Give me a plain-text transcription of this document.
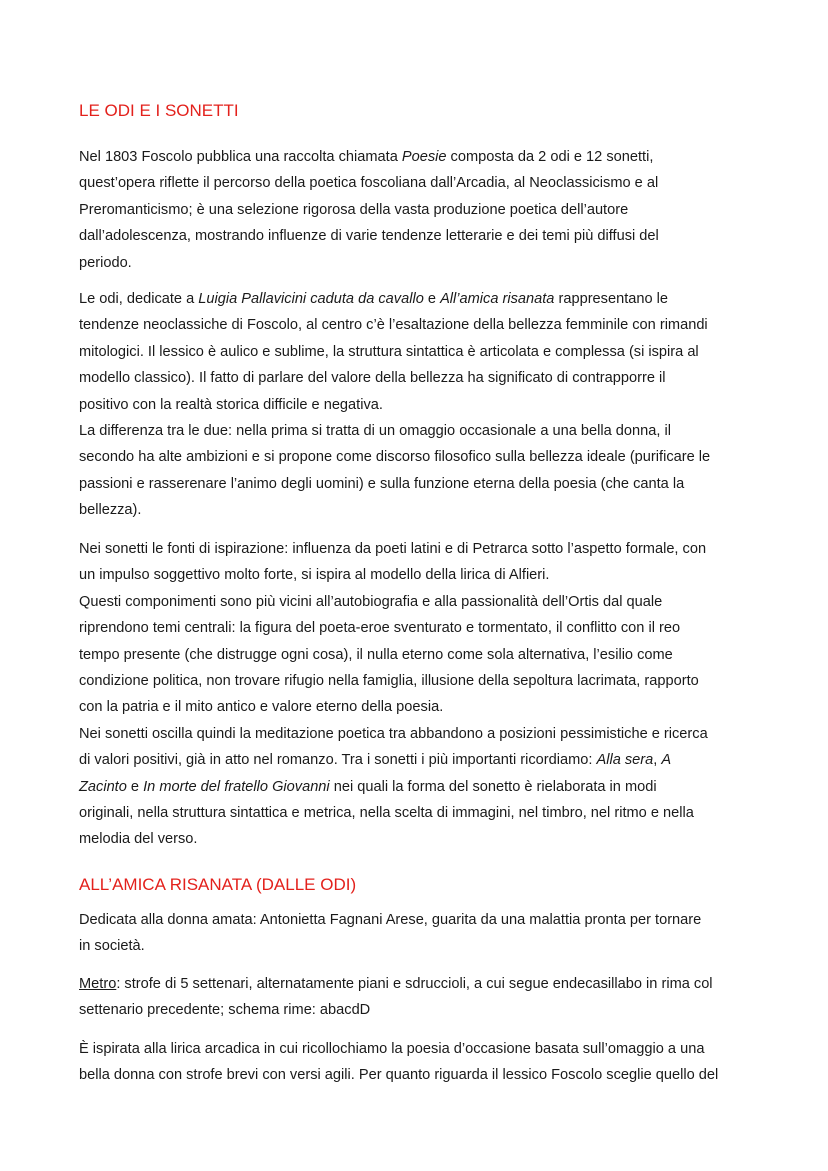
LE ODI E I SONETTI
Nel 1803 Foscolo pubblica una raccolta chiamata Poesie composta da 2 odi e 12 sonetti,
quest’opera riflette il percorso della poetica foscoliana dall’Arcadia, al Neoclassicismo e al
Preromanticismo; è una selezione rigorosa della vasta produzione poetica dell’autore
dall’adolescenza, mostrando influenze di varie tendenze letterarie e dei temi più diffusi del
periodo.
Le odi, dedicate a Luigia Pallavicini caduta da cavallo e All’amica risanata rappresentano le
tendenze neoclassiche di Foscolo, al centro c’è l’esaltazione della bellezza femminile con rimandi
mitologici. Il lessico è aulico e sublime, la struttura sintattica è articolata e complessa (si ispira al
modello classico). Il fatto di parlare del valore della bellezza ha significato di contrapporre il
positivo con la realtà storica difficile e negativa.
La differenza tra le due: nella prima si tratta di un omaggio occasionale a una bella donna, il
secondo ha alte ambizioni e si propone come discorso filosofico sulla bellezza ideale (purificare le
passioni e rasserenare l’animo degli uomini) e sulla funzione eterna della poesia (che canta la
bellezza).
Nei sonetti le fonti di ispirazione: influenza da poeti latini e di Petrarca sotto l’aspetto formale, con
un impulso soggettivo molto forte, si ispira al modello della lirica di Alfieri.
Questi componimenti sono più vicini all’autobiografia e alla passionalità dell’Ortis dal quale
riprendono temi centrali: la figura del poeta-eroe sventurato e tormentato, il conflitto con il reo
tempo presente (che distrugge ogni cosa), il nulla eterno come sola alternativa, l’esilio come
condizione politica, non trovare rifugio nella famiglia, illusione della sepoltura lacrimata, rapporto
con la patria e il mito antico e valore eterno della poesia.
Nei sonetti oscilla quindi la meditazione poetica tra abbandono a posizioni pessimistiche e ricerca
di valori positivi, già in atto nel romanzo. Tra i sonetti i più importanti ricordiamo: Alla sera, A
Zacinto e In morte del fratello Giovanni nei quali la forma del sonetto è rielaborata in modi
originali, nella struttura sintattica e metrica, nella scelta di immagini, nel timbro, nel ritmo e nella
melodia del verso.
ALL’AMICA RISANATA (DALLE ODI)
Dedicata alla donna amata: Antonietta Fagnani Arese, guarita da una malattia pronta per tornare
in società.
Metro: strofe di 5 settenari, alternatamente piani e sdruccioli, a cui segue endecasillabo in rima col
settenario precedente; schema rime: abacdD
È ispirata alla lirica arcadica in cui ricollochiamo la poesia d’occasione basata sull’omaggio a una
bella donna con strofe brevi con versi agili. Per quanto riguarda il lessico Foscolo sceglie quello del
